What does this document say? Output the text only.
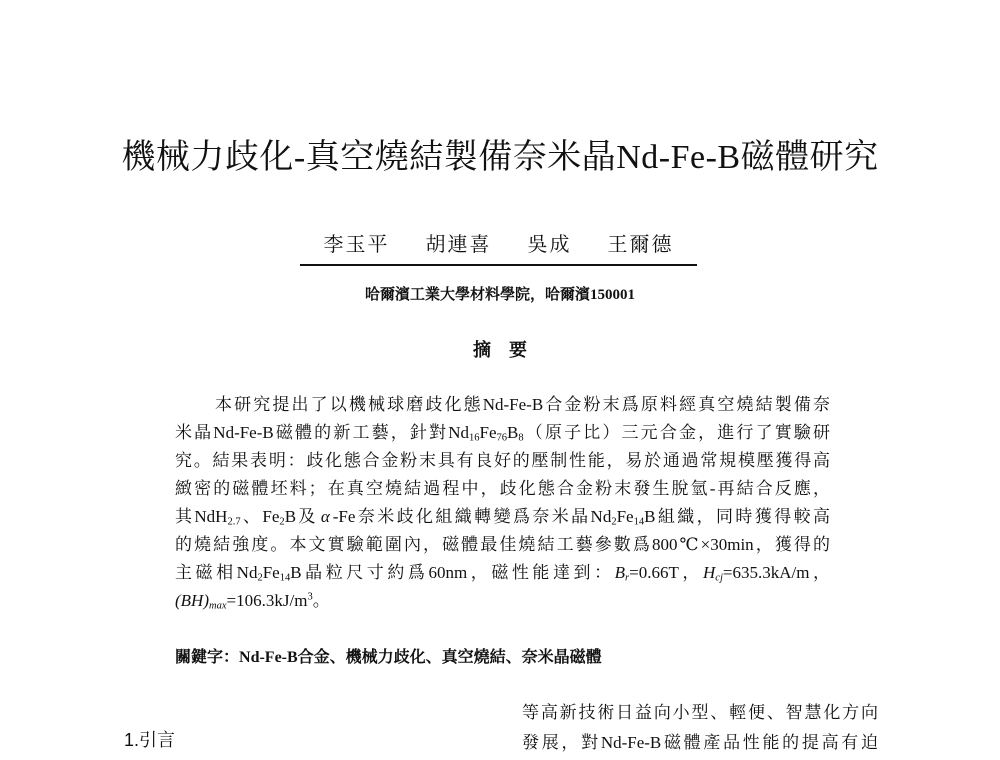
機械力歧化-真空燒結製備奈米晶Nd-Fe-B磁體研究
李玉平 胡連喜 吳成 王爾德
哈爾濱工業大學材料學院，哈爾濱150001
摘　要
本研究提出了以機械球磨歧化態Nd-Fe-B合金粉末爲原料經真空燒結製備奈
米晶Nd-Fe-B磁體的新工藝，針對$Nd_{16}Fe_{76}B_8$（原子比）三元合金，進行了實驗研
究。結果表明：歧化態合金粉末具有良好的壓制性能，易於通過常規模壓獲得高
緻密的磁體坯料；在真空燒結過程中，歧化態合金粉末發生脫氫-再結合反應，
其NdH$_{2.7}$、$Fe_2B$及 α -Fe奈米歧化組織轉變爲奈米晶$Nd_2Fe_{14}B$組織，同時獲得較高
的燒結強度。本文實驗範圍內，磁體最佳燒結工藝參數爲800℃×30min，獲得的
主磁相$Nd_2Fe_{14}B$晶粒尺寸約爲60nm，磁性能達到：$B_r=0.66T$，$H_{cj}=635.3kA/m$，
$(BH)_{max}=106.3kJ/m^3$。
關鍵字：Nd-Fe-B合金、機械力歧化、真空燒結、奈米晶磁體
1.引言
等高新技術日益向小型、輕便、智慧化方向
發展，對Nd-Fe-B磁體產品性能的提高有迫
